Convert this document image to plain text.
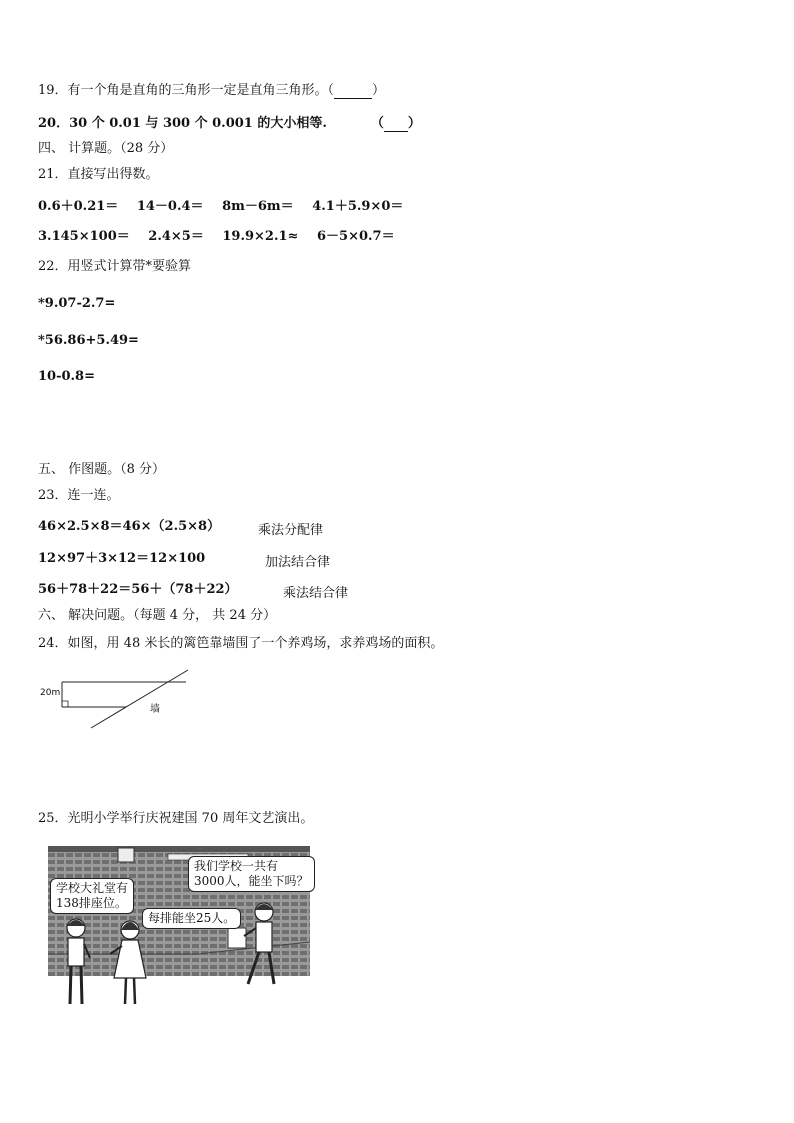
19．有一个角是直角的三角形一定是直角三角形。（	）
20．30 个 0.01 与 300 个 0.001 的大小相等.	（ ）
四、 计算题。（28 分）
21．直接写出得数。
0.6＋0.21＝ 14－0.4＝ 8m－6m＝ 4.1＋5.9×0＝
3.145×100＝ 2.4×5＝ 19.9×2.1≈ 6－5×0.7＝
22．用竖式计算带*要验算
*9.07-2.7=
*56.86+5.49=
10-0.8=
五、 作图题。（8 分）
23．连一连。
46×2.5×8＝46×（2.5×8）	乘法分配律
12×97＋3×12＝12×100	加法结合律
56＋78＋22＝56＋（78＋22）	乘法结合律
六、 解决问题。（每题 4 分， 共 24 分）
24．如图，用 48 米长的篱笆靠墙围了一个养鸡场，求养鸡场的面积。
20m
墙
25．光明小学举行庆祝建国 70 周年文艺演出。
学校大礼堂有
138排座位。
每排能坐25人。
我们学校一共有
3000人，能坐下吗？
